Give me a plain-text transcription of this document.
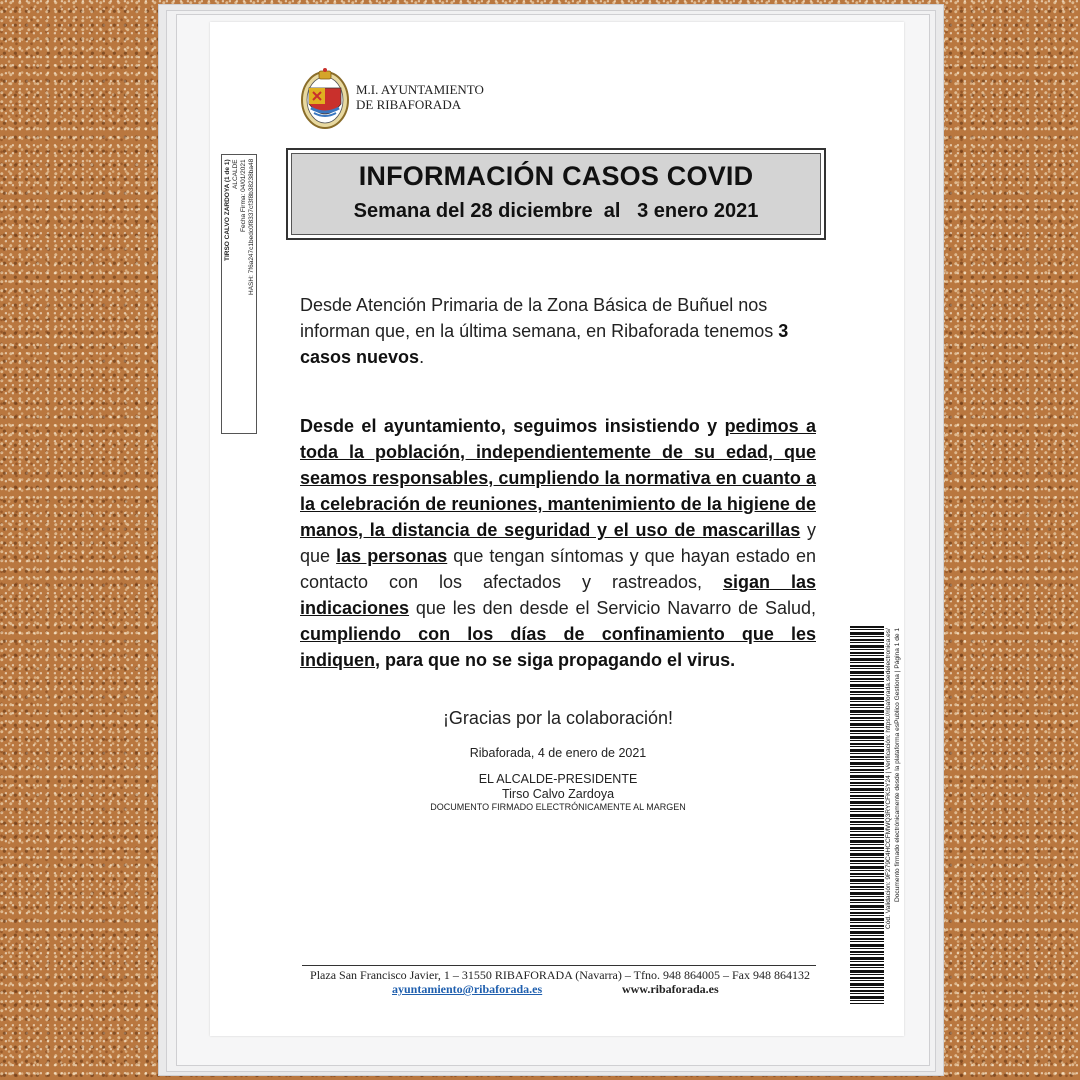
M.I. AYUNTAMIENTO
DE RIBAFORADA
TIRSO CALVO ZARDOYA (1 de 1)
ALCALDE
Fecha Firma: 04/01/2021
HASH: 7f6a247c1bedc0f8337cf3f8b38238ba48	INFORMACIÓN CASOS COVID
Semana del 28 diciembre  al   3 enero 2021
Desde Atención Primaria de la Zona Básica de Buñuel nos informan que, en la última semana, en Ribaforada tenemos 3 casos nuevos.
Desde el ayuntamiento, seguimos insistiendo y pedimos a toda la población, independientemente de su edad, que seamos responsables, cumpliendo la normativa en cuanto a la celebración de reuniones, mantenimiento de la higiene de manos, la distancia de seguridad y el uso de mascarillas y que las personas que tengan síntomas y que hayan estado en contacto con los afectados y rastreados, sigan las indicaciones que les den desde el Servicio Navarro de Salud, cumpliendo con los días de confinamiento que les indiquen, para que no se siga propagando el virus.
¡Gracias por la colaboración!
Ribaforada, 4 de enero de 2021
EL ALCALDE-PRESIDENTE
Tirso Calvo Zardoya
DOCUMENTO FIRMADO ELECTRÓNICAMENTE AL MARGEN	Cód. Validación: 9F279C4HCCFMWQ3RYCFKSY24 | Verificación: https://ribaforada.sedelectronica.es/ Documento firmado electrónicamente desde la plataforma esPublico Gestiona | Página 1 de 1
Plaza San Francisco Javier, 1 – 31550 RIBAFORADA (Navarra) – Tfno. 948 864005 – Fax 948 864132
ayuntamiento@ribaforada.es	www.ribaforada.es
